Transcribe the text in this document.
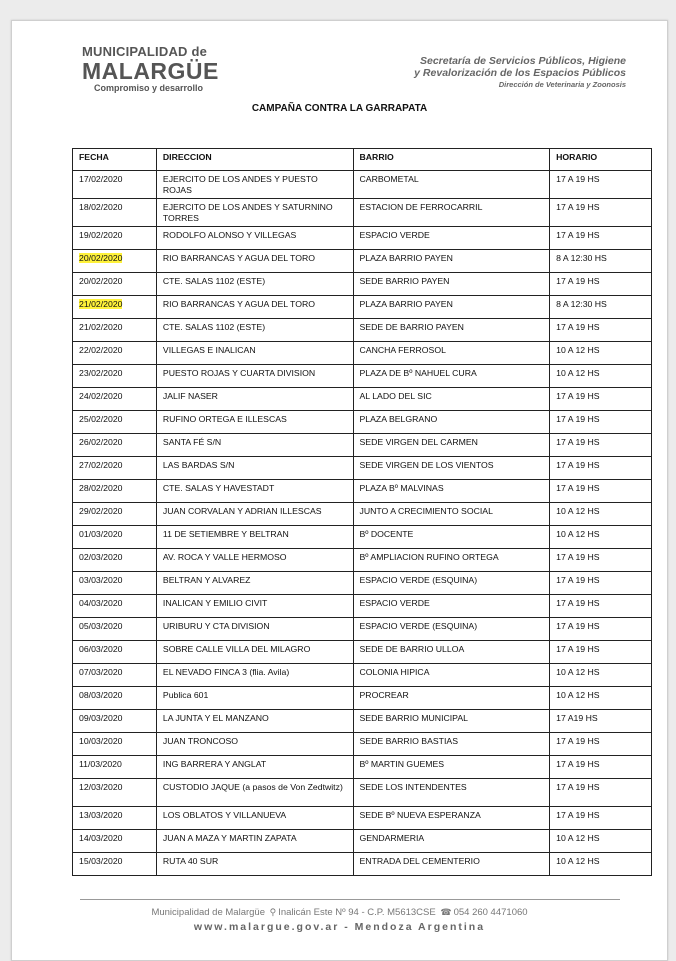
MUNICIPALIDAD de
MALARGÜE
Compromiso y desarrollo
Secretaría de Servicios Públicos, Higiene
y Revalorización de los Espacios Públicos
Dirección de Veterinaria y Zoonosis
CAMPAÑA CONTRA LA GARRAPATA
FECHA	DIRECCION	BARRIO	HORARIO
17/02/2020	EJERCITO DE LOS ANDES Y PUESTO ROJAS	CARBOMETAL	17 A 19 HS
18/02/2020	EJERCITO DE LOS ANDES Y SATURNINO TORRES	ESTACION DE FERROCARRIL	17 A 19 HS
19/02/2020	RODOLFO ALONSO Y VILLEGAS	ESPACIO VERDE	17 A 19 HS
20/02/2020	RIO BARRANCAS Y AGUA DEL TORO	PLAZA BARRIO PAYEN	8 A 12:30 HS
20/02/2020	CTE. SALAS 1102 (ESTE)	SEDE BARRIO PAYEN	17 A 19 HS
21/02/2020	RIO BARRANCAS Y AGUA DEL TORO	PLAZA BARRIO PAYEN	8 A 12:30 HS
21/02/2020	CTE. SALAS 1102 (ESTE)	SEDE DE BARRIO PAYEN	17 A 19 HS
22/02/2020	VILLEGAS E INALICAN	CANCHA FERROSOL	10 A 12 HS
23/02/2020	PUESTO ROJAS Y CUARTA DIVISION	PLAZA DE Bº NAHUEL CURA	10 A 12 HS
24/02/2020	JALIF NASER	AL LADO DEL SIC	17 A 19 HS
25/02/2020	RUFINO ORTEGA E ILLESCAS	PLAZA BELGRANO	17 A 19 HS
26/02/2020	SANTA FÉ S/N	SEDE VIRGEN DEL CARMEN	17 A 19 HS
27/02/2020	LAS BARDAS S/N	SEDE VIRGEN DE LOS VIENTOS	17 A 19 HS
28/02/2020	CTE. SALAS Y HAVESTADT	PLAZA Bº MALVINAS	17 A 19 HS
29/02/2020	JUAN CORVALAN Y ADRIAN ILLESCAS	JUNTO A CRECIMIENTO SOCIAL	10 A 12 HS
01/03/2020	11 DE SETIEMBRE Y BELTRAN	Bº DOCENTE	10 A 12 HS
02/03/2020	AV. ROCA Y VALLE HERMOSO	Bº AMPLIACION RUFINO ORTEGA	17 A 19 HS
03/03/2020	BELTRAN Y ALVAREZ	ESPACIO VERDE (ESQUINA)	17 A 19 HS
04/03/2020	INALICAN Y EMILIO CIVIT	ESPACIO VERDE	17 A 19 HS
05/03/2020	URIBURU Y CTA DIVISION	ESPACIO VERDE (ESQUINA)	17 A 19 HS
06/03/2020	SOBRE CALLE VILLA DEL MILAGRO	SEDE DE BARRIO ULLOA	17 A 19 HS
07/03/2020	EL NEVADO FINCA 3 (flia. Avila)	COLONIA HIPICA	10 A 12 HS
08/03/2020	Publica 601	PROCREAR	10 A 12 HS
09/03/2020	LA JUNTA Y EL MANZANO	SEDE BARRIO MUNICIPAL	17 A19 HS
10/03/2020	JUAN TRONCOSO	SEDE BARRIO BASTIAS	17 A 19 HS
11/03/2020	ING BARRERA Y ANGLAT	Bº MARTIN GUEMES	17 A 19 HS
12/03/2020	CUSTODIO JAQUE (a pasos de Von Zedtwitz)	SEDE LOS INTENDENTES	17 A 19 HS
13/03/2020	LOS OBLATOS Y VILLANUEVA	SEDE Bº NUEVA ESPERANZA	17 A 19 HS
14/03/2020	JUAN A MAZA Y MARTIN ZAPATA	GENDARMERIA	10 A 12 HS
15/03/2020	RUTA 40 SUR	ENTRADA DEL CEMENTERIO	10 A 12 HS
Municipalidad de Malargüe ⚲ Inalicán Este Nº 94 - C.P. M5613CSE ☎ 054 260 4471060
www.malargue.gov.ar - Mendoza Argentina
